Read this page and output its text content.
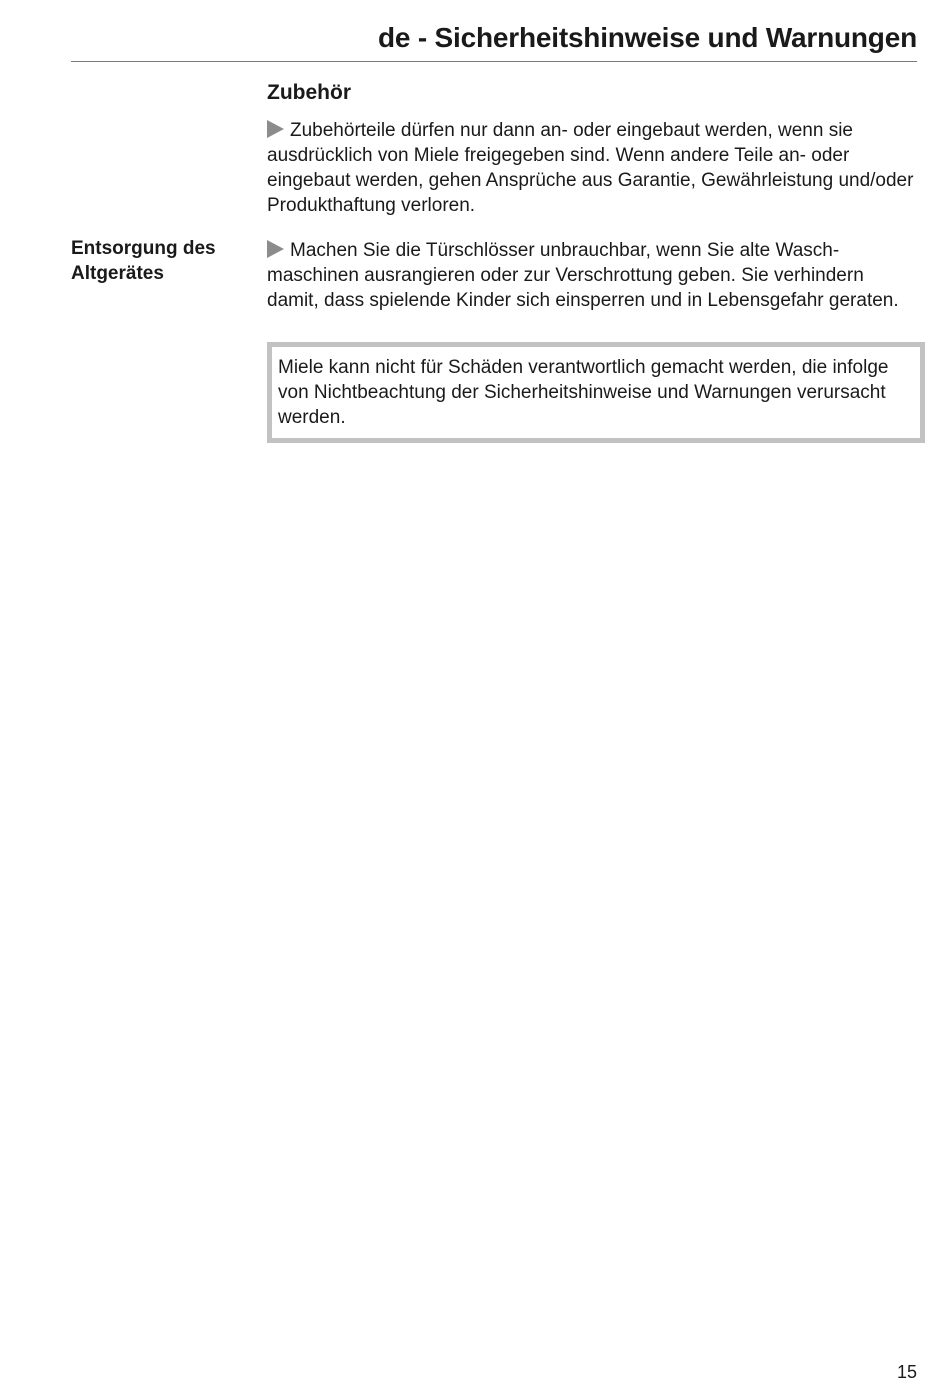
de - Sicherheitshinweise und Warnungen
Zubehör

Zubehörteile dürfen nur dann an- oder eingebaut werden, wenn sie ausdrücklich von Miele freigegeben sind. Wenn andere Teile an- oder eingebaut werden, gehen Ansprüche aus Garantie, Gewährleistung und/oder Produkthaftung verloren.

Entsorgung des
Altgerätes

Machen Sie die Türschlösser unbrauchbar, wenn Sie alte Waschmaschinen ausrangieren oder zur Verschrottung geben. Sie verhindern damit, dass spielende Kinder sich einsperren und in Lebensgefahr geraten.

Miele kann nicht für Schäden verantwortlich gemacht werden, die infolge von Nichtbeachtung der Sicherheitshinweise und Warnungen verursacht werden.

15
